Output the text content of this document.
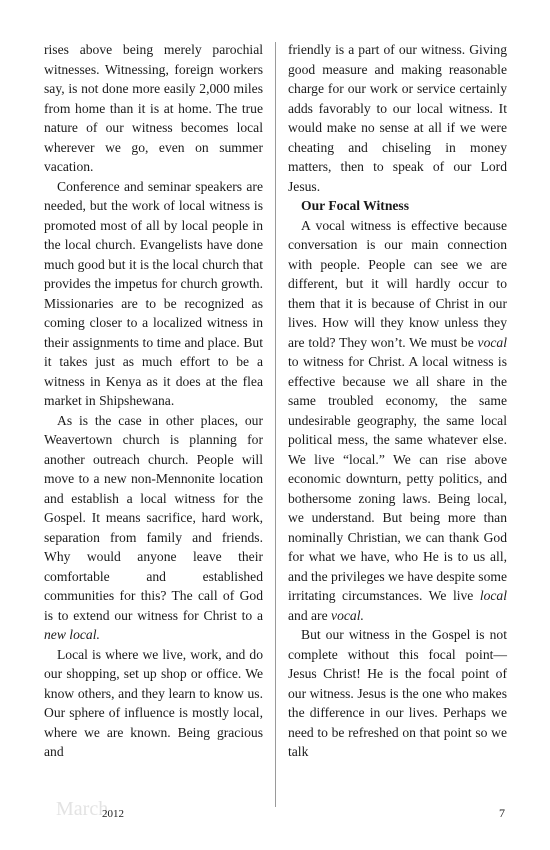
rises above being merely parochial witnesses. Witnessing, foreign workers say, is not done more easily 2,000 miles from home than it is at home. The true nature of our witness becomes local wherever we go, even on summer vacation.

Conference and seminar speakers are needed, but the work of local witness is promoted most of all by local people in the local church. Evangelists have done much good but it is the local church that provides the impetus for church growth. Missionaries are to be recognized as coming closer to a localized witness in their assignments to time and place. But it takes just as much effort to be a witness in Kenya as it does at the flea market in Shipshewana.

As is the case in other places, our Weavertown church is planning for another outreach church. People will move to a new non-Mennonite location and establish a local witness for the Gospel. It means sacrifice, hard work, separation from family and friends. Why would anyone leave their comfortable and established communities for this? The call of God is to extend our witness for Christ to a new local.

Local is where we live, work, and do our shopping, set up shop or office. We know others, and they learn to know us. Our sphere of influence is mostly local, where we are known. Being gracious and

friendly is a part of our witness. Giving good measure and making reasonable charge for our work or service certainly adds favorably to our local witness. It would make no sense at all if we were cheating and chiseling in money matters, then to speak of our Lord Jesus.

Our Focal Witness

A vocal witness is effective because conversation is our main connection with people. People can see we are different, but it will hardly occur to them that it is because of Christ in our lives. How will they know unless they are told? They won’t. We must be vocal to witness for Christ. A local witness is effective because we all share in the same troubled economy, the same undesirable geography, the same local political mess, the same whatever else. We live “local.” We can rise above economic downturn, petty politics, and bothersome zoning laws. Being local, we understand. But being more than nominally Christian, we can thank God for what we have, who He is to us all, and the privileges we have despite some irritating circumstances. We live local and are vocal.

But our witness in the Gospel is not complete without this focal point—Jesus Christ! He is the focal point of our witness. Jesus is the one who makes the difference in our lives. Perhaps we need to be refreshed on that point so we talk

March
2012	7
